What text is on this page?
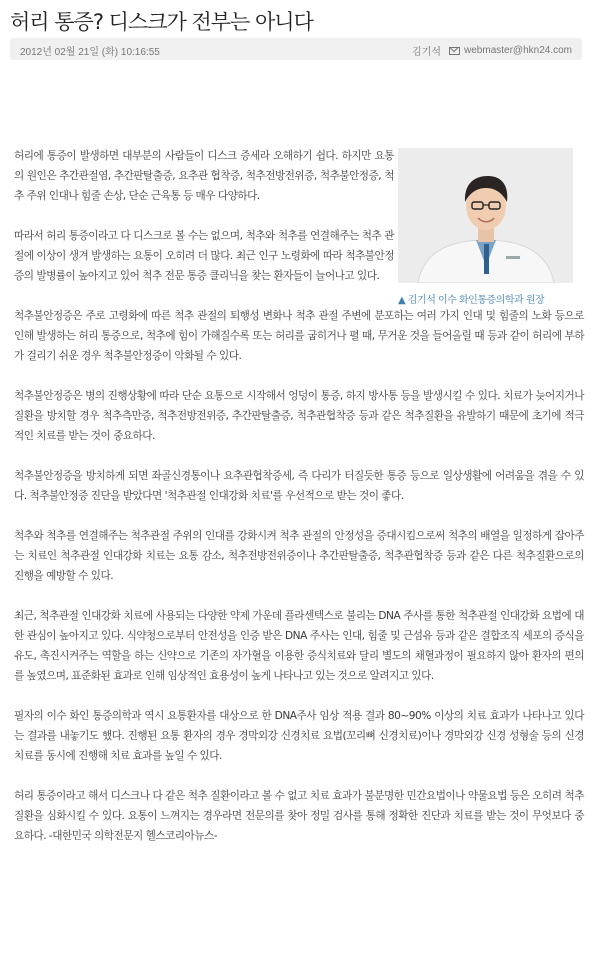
허리 통증? 디스크가 전부는 아니다
2012년 02월 21일 (화) 10:16:55	김기석 webmaster@hkn24.com
▲ 김기석 이수 화인통증의학과 원장

허리에 통증이 발생하면 대부분의 사람들이 디스크 증세라 오해하기 쉽다. 하지만 요통의 원인은 추간관절염, 추간판탈출증, 요추관 협착증, 척추전방전위증, 척추불안정증, 척추 주위 인대나 힘줄 손상, 단순 근육통 등 매우 다양하다.

따라서 허리 통증이라고 다 디스크로 볼 수는 없으며, 척추와 척추를 연결해주는 척추 관절에 이상이 생겨 발생하는 요통이 오히려 더 많다. 최근 인구 노령화에 따라 척추불안정증의 발병률이 높아지고 있어 척추 전문 통증 클리닉을 찾는 환자들이 늘어나고 있다.

척추불안정증은 주로 고령화에 따른 척추 관절의 퇴행성 변화나 척추 관절 주변에 분포하는 여러 가지 인대 및 힘줄의 노화 등으로 인해 발생하는 허리 통증으로, 척추에 힘이 가해질수록 또는 허리를 굽히거나 펼 때, 무거운 것을 들어올릴 때 등과 같이 허리에 부하가 걸리기 쉬운 경우 척추불안정증이 악화될 수 있다.

척추불안정증은 병의 진행상황에 따라 단순 요통으로 시작해서 엉덩이 통증, 하지 방사통 등을 발생시킬 수 있다. 치료가 늦어지거나 질환을 방치할 경우 척추측만증, 척추전방전위증, 추간판탈출증, 척추관협착증 등과 같은 척추질환을 유발하기 때문에 초기에 적극적인 치료를 받는 것이 중요하다.

척추불안정증을 방치하게 되면 좌골신경통이나 요추관협착증세, 즉 다리가 터질듯한 통증 등으로 일상생활에 어려움을 겪을 수 있다. 척추불안정증 진단을 받았다면 '척추관절 인대강화 치료'를 우선적으로 받는 것이 좋다.

척추와 척추를 연결해주는 척추관절 주위의 인대를 강화시켜 척추 관절의 안정성을 증대시킴으로써 척추의 배열을 일정하게 잡아주는 치료인 척추관절 인대강화 치료는 요통 감소, 척추전방전위증이나 추간판탈출증, 척추관협착증 등과 같은 다른 척추질환으로의 진행을 예방할 수 있다.

최근, 척추관절 인대강화 치료에 사용되는 다양한 약제 가운데 플라센텍스로 불리는 DNA 주사를 통한 척추관절 인대강화 요법에 대한 관심이 높아지고 있다. 식약청으로부터 안전성을 인증 받은 DNA 주사는 인대, 힘줄 및 근섬유 등과 같은 결합조직 세포의 증식을 유도, 촉진시켜주는 역할을 하는 신약으로 기존의 자가혈을 이용한 증식치료와 달리 별도의 채혈과정이 필요하지 않아 환자의 편의를 높였으며, 표준화된 효과로 인해 임상적인 효용성이 높게 나타나고 있는 것으로 알려지고 있다.

필자의 이수 화인 통증의학과 역시 요통환자를 대상으로 한 DNA주사 임상 적용 결과 80~90% 이상의 치료 효과가 나타나고 있다는 결과를 내놓기도 했다. 진행된 요통 환자의 경우 경막외강 신경치료 요법(꼬리뼈 신경치료)이나 경막외강 신경 성형술 등의 신경 치료를 동시에 진행해 치료 효과를 높일 수 있다.

허리 통증이라고 해서 디스크나 다 같은 척추 질환이라고 볼 수 없고 치료 효과가 불분명한 민간요법이나 약물요법 등은 오히려 척추질환을 심화시킬 수 있다. 요통이 느껴지는 경우라면 전문의를 찾아 정밀 검사를 통해 정확한 진단과 치료를 받는 것이 무엇보다 중요하다. -대한민국 의학전문지 헬스코리아뉴스-
